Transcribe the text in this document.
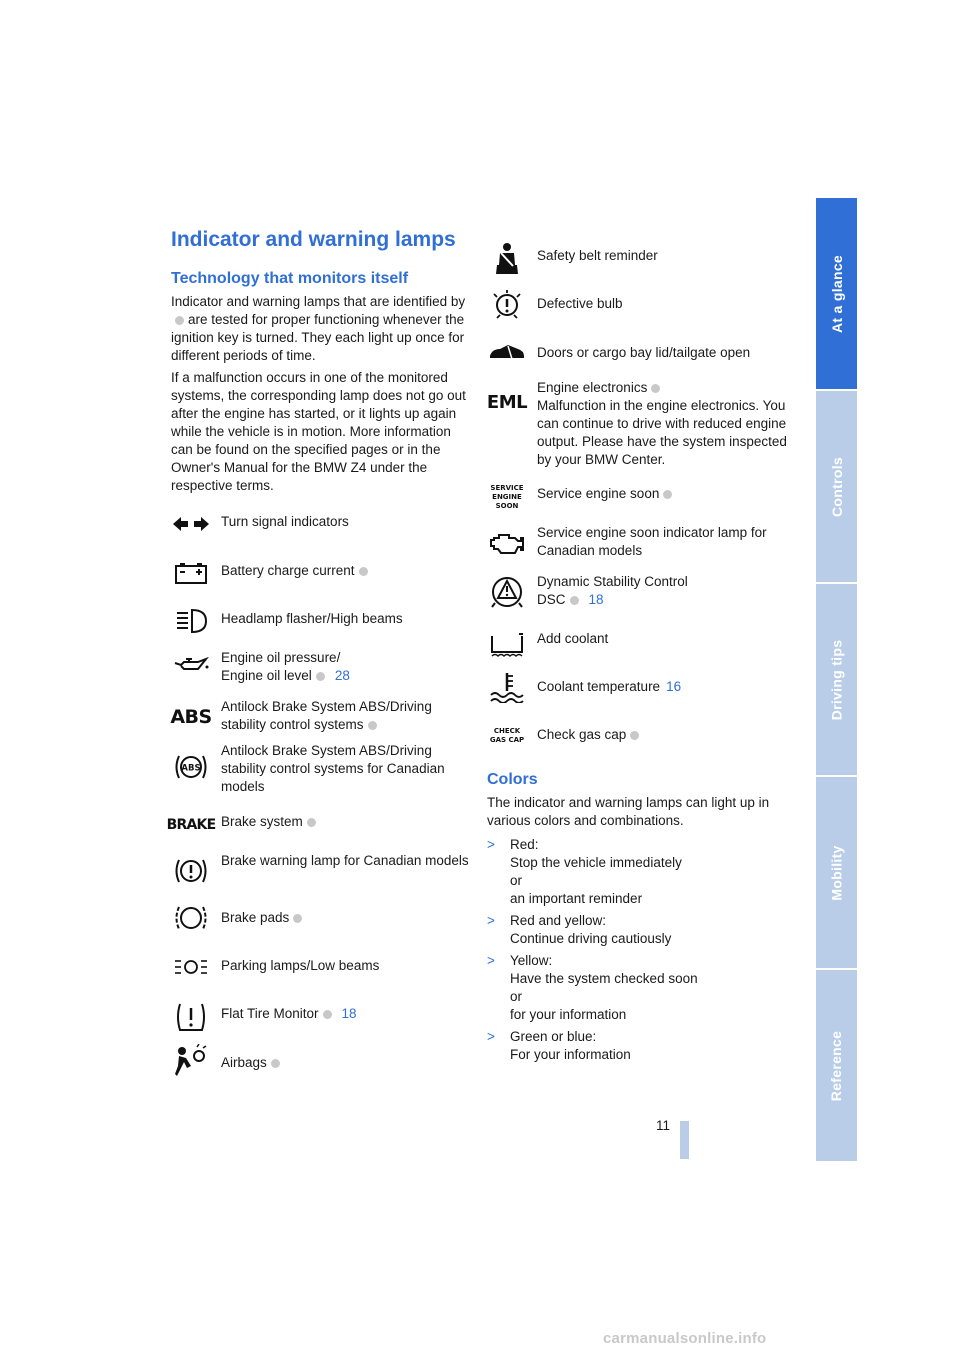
At a glance
Controls
Driving tips
Mobility
Reference
Indicator and warning lamps
Technology that monitors itself

Indicator and warning lamps that are identified byare tested for proper functioning whenever the ignition key is turned. They each light up once for different periods of time.

If a malfunction occurs in one of the monitored systems, the corresponding lamp does not go out after the engine has started, or it lights up again while the vehicle is in motion. More information can be found on the specified pages or in the Owner's Manual for the BMW Z4 under the respective terms.

Turn signal indicators
Battery charge current
Headlamp flasher/High beams
Engine oil pressure/
Engine oil level 28
ABS Antilock Brake System ABS/Driving stability control systems
ABS
Antilock Brake System ABS/Driving stability control systems for Canadian models
BRAKE Brake system
Brake warning lamp for Canadian models
Brake pads
Parking lamps/Low beams
Flat Tire Monitor 18
Airbags
Safety belt reminder
Defective bulb
Doors or cargo bay lid/tailgate open
EML
Engine electronics
Malfunction in the engine electronics. You can continue to drive with reduced engine output. Please have the system inspected by your BMW Center.
SERVICE
ENGINE
SOON
Service engine soon
Service engine soon indicator lamp for Canadian models
Dynamic Stability Control
DSC 18
Add coolant
Coolant temperature 16
CHECK
GAS CAP Check gas cap
Colors

The indicator and warning lamps can light up in various colors and combinations.

> Red:
Stop the vehicle immediately
or
an important reminder
> Red and yellow:
Continue driving cautiously
> Yellow:
Have the system checked soon
or
for your information
> Green or blue:
For your information
11
carmanualsonline.info
